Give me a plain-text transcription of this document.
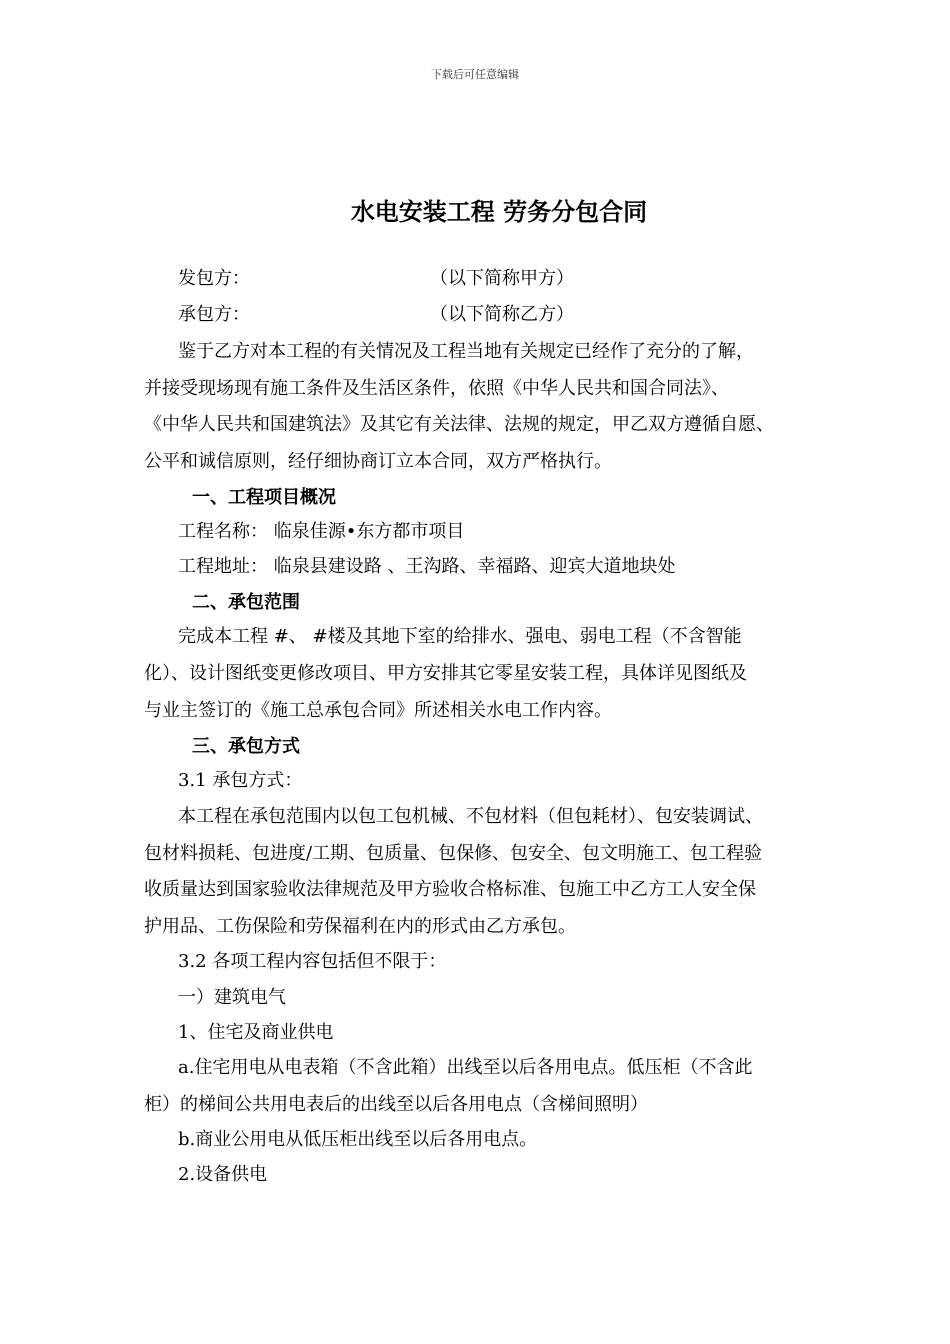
下载后可任意编辑
水电安装工程 劳务分包合同
发包方：	（以下简称甲方）
承包方：	（以下简称乙方）
鉴于乙方对本工程的有关情况及工程当地有关规定已经作了充分的了解，
并接受现场现有施工条件及生活区条件，依照《中华人民共和国合同法》、
《中华人民共和国建筑法》及其它有关法律、法规的规定，甲乙双方遵循自愿、
公平和诚信原则，经仔细协商订立本合同，双方严格执行。
一、工程项目概况
工程名称： 临泉佳源•东方都市项目
工程地址： 临泉县建设路 、王沟路、幸福路、迎宾大道地块处
二、承包范围
完成本工程 #、 #楼及其地下室的给排水、强电、弱电工程（不含智能
化）、设计图纸变更修改项目、甲方安排其它零星安装工程，具体详见图纸及
与业主签订的《施工总承包合同》所述相关水电工作内容。
三、承包方式
3.1 承包方式：
本工程在承包范围内以包工包机械、不包材料（但包耗材）、包安装调试、
包材料损耗、包进度/工期、包质量、包保修、包安全、包文明施工、包工程验
收质量达到国家验收法律规范及甲方验收合格标准、包施工中乙方工人安全保
护用品、工伤保险和劳保福利在内的形式由乙方承包。
3.2 各项工程内容包括但不限于：
一）建筑电气
1、住宅及商业供电
a.住宅用电从电表箱（不含此箱）出线至以后各用电点。低压柜（不含此
柜）的梯间公共用电表后的出线至以后各用电点（含梯间照明）
b.商业公用电从低压柜出线至以后各用电点。
2.设备供电
